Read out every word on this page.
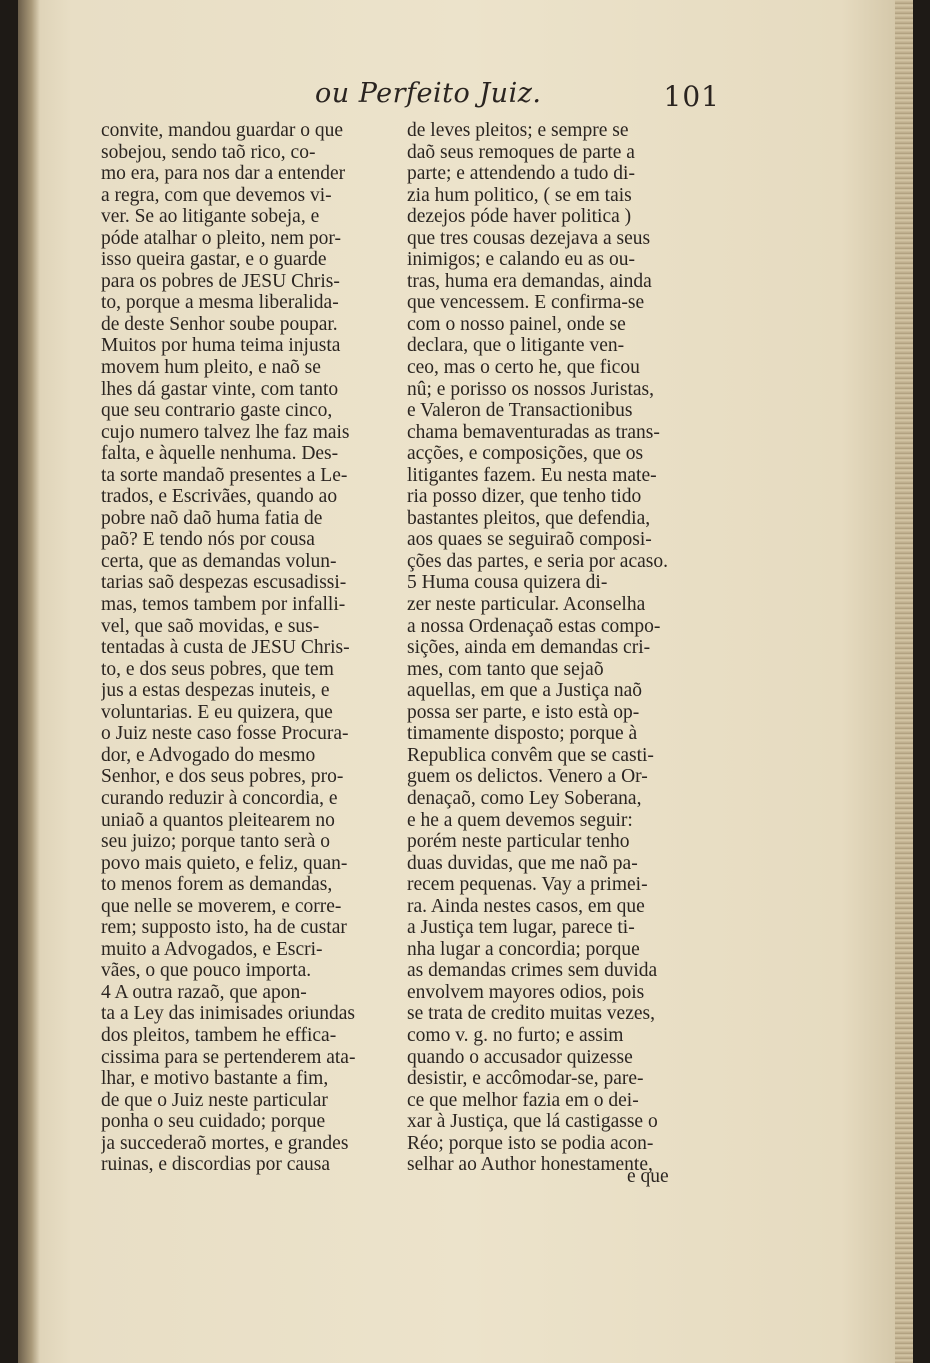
ou Perfeito Juiz.	101
convite, mandou guardar o que
sobejou, sendo taõ rico, co-
mo era, para nos dar a entender
a regra, com que devemos vi-
ver. Se ao litigante sobeja, e
póde atalhar o pleito, nem por-
isso queira gastar, e o guarde
para os pobres de JESU Chris-
to, porque a mesma liberalida-
de deste Senhor soube poupar.
Muitos por huma teima injusta
movem hum pleito, e naõ se
lhes dá gastar vinte, com tanto
que seu contrario gaste cinco,
cujo numero talvez lhe faz mais
falta, e àquelle nenhuma. Des-
ta sorte mandaõ presentes a Le-
trados, e Escrivães, quando ao
pobre naõ daõ huma fatia de
paõ? E tendo nós por cousa
certa, que as demandas volun-
tarias saõ despezas escusadissi-
mas, temos tambem por infalli-
vel, que saõ movidas, e sus-
tentadas à custa de JESU Chris-
to, e dos seus pobres, que tem
jus a estas despezas inuteis, e
voluntarias. E eu quizera, que
o Juiz neste caso fosse Procura-
dor, e Advogado do mesmo
Senhor, e dos seus pobres, pro-
curando reduzir à concordia, e
uniaõ a quantos pleitearem no
seu juizo; porque tanto serà o
povo mais quieto, e feliz, quan-
to menos forem as demandas,
que nelle se moverem, e corre-
rem; supposto isto, ha de custar
muito a Advogados, e Escri-
vães, o que pouco importa.
4 A outra razaõ, que apon-
ta a Ley das inimisades oriundas
dos pleitos, tambem he effica-
cissima para se pertenderem ata-
lhar, e motivo bastante a fim,
de que o Juiz neste particular
ponha o seu cuidado; porque
ja succederaõ mortes, e grandes
ruinas, e discordias por causa
de leves pleitos; e sempre se
daõ seus remoques de parte a
parte; e attendendo a tudo di-
zia hum politico, ( se em tais
dezejos póde haver politica )
que tres cousas dezejava a seus
inimigos; e calando eu as ou-
tras, huma era demandas, ainda
que vencessem. E confirma-se
com o nosso painel, onde se
declara, que o litigante ven-
ceo, mas o certo he, que ficou
nû; e porisso os nossos Juristas,
e Valeron de Transactionibus
chama bemaventuradas as trans-
acções, e composições, que os
litigantes fazem. Eu nesta mate-
ria posso dizer, que tenho tido
bastantes pleitos, que defendia,
aos quaes se seguiraõ composi-
ções das partes, e seria por acaso.
5 Huma cousa quizera di-
zer neste particular. Aconselha
a nossa Ordenaçaõ estas compo-
sições, ainda em demandas cri-
mes, com tanto que sejaõ
aquellas, em que a Justiça naõ
possa ser parte, e isto està op-
timamente disposto; porque à
Republica convêm que se casti-
guem os delictos. Venero a Or-
denaçaõ, como Ley Soberana,
e he a quem devemos seguir:
porém neste particular tenho
duas duvidas, que me naõ pa-
recem pequenas. Vay a primei-
ra. Ainda nestes casos, em que
a Justiça tem lugar, parece ti-
nha lugar a concordia; porque
as demandas crimes sem duvida
envolvem mayores odios, pois
se trata de credito muitas vezes,
como v. g. no furto; e assim
quando o accusador quizesse
desistir, e accômodar-se, pare-
ce que melhor fazia em o dei-
xar à Justiça, que lá castigasse o
Réo; porque isto se podia acon-
selhar ao Author honestamente,
e que
